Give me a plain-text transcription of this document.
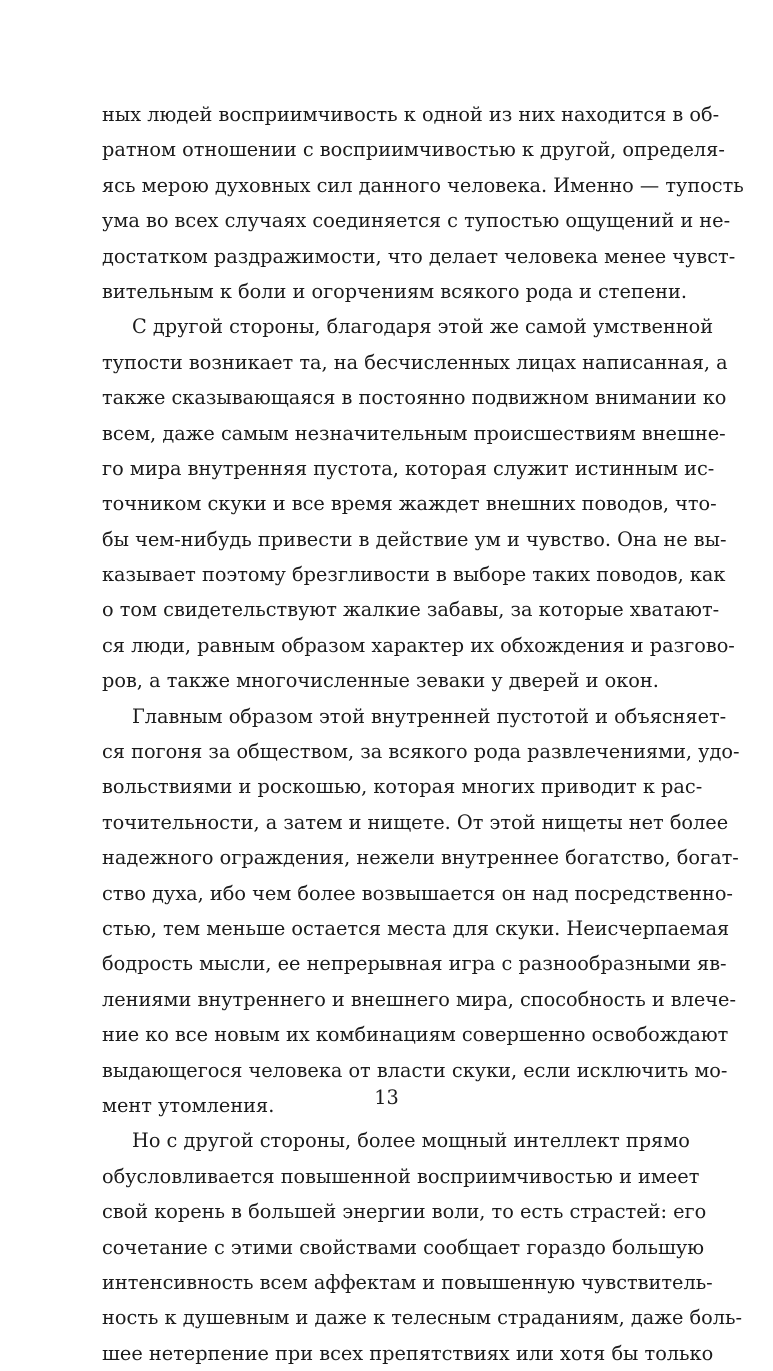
ных людей восприимчивость к одной из них находится в об-
ратном отношении с восприимчивостью к другой, определя-
ясь мерою духовных сил данного человека. Именно — тупость
ума во всех случаях соединяется с тупостью ощущений и не-
достатком раздражимости, что делает человека менее чувст-
вительным к боли и огорчениям всякого рода и степени.
С другой стороны, благодаря этой же самой умственной
тупости возникает та, на бесчисленных лицах написанная, а
также сказывающаяся в постоянно подвижном внимании ко
всем, даже самым незначительным происшествиям внешне-
го мира внутренняя пустота, которая служит истинным ис-
точником скуки и все время жаждет внешних поводов, что-
бы чем-нибудь привести в действие ум и чувство. Она не вы-
казывает поэтому брезгливости в выборе таких поводов, как
о том свидетельствуют жалкие забавы, за которые хватают-
ся люди, равным образом характер их обхождения и разгово-
ров, а также многочисленные зеваки у дверей и окон.
Главным образом этой внутренней пустотой и объясняет-
ся погоня за обществом, за всякого рода развлечениями, удо-
вольствиями и роскошью, которая многих приводит к рас-
точительности, а затем и нищете. От этой нищеты нет более
надежного ограждения, нежели внутреннее богатство, богат-
ство духа, ибо чем более возвышается он над посредственно-
стью, тем меньше остается места для скуки. Неисчерпаемая
бодрость мысли, ее непрерывная игра с разнообразными яв-
лениями внутреннего и внешнего мира, способность и влече-
ние ко все новым их комбинациям совершенно освобождают
выдающегося человека от власти скуки, если исключить мо-
мент утомления.
Но с другой стороны, более мощный интеллект прямо
обусловливается повышенной восприимчивостью и имеет
свой корень в большей энергии воли, то есть страстей: его
сочетание с этими свойствами сообщает гораздо большую
интенсивность всем аффектам и повышенную чувствитель-
ность к душевным и даже к телесным страданиям, даже боль-
шее нетерпение при всех препятствиях или хотя бы только
13
